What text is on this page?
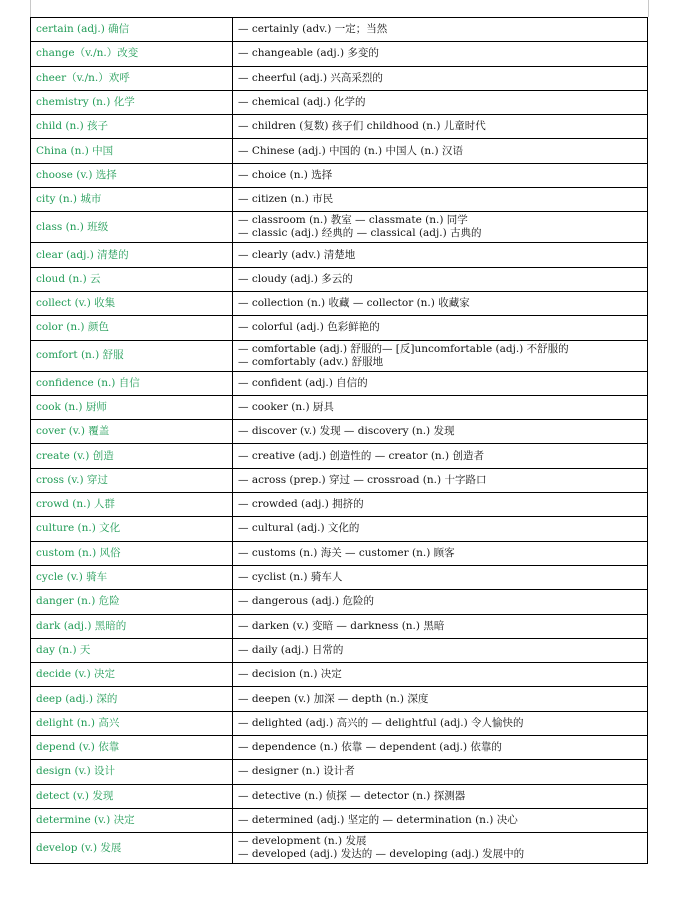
certain (adj.) 确信	— certainly (adv.) 一定；当然

change（v./n.）改变	— changeable (adj.) 多变的

cheer（v./n.）欢呼	— cheerful (adj.) 兴高采烈的

chemistry (n.) 化学	— chemical (adj.) 化学的

child (n.) 孩子	— children (复数) 孩子们 childhood (n.) 儿童时代

China (n.) 中国	— Chinese (adj.) 中国的 (n.) 中国人 (n.) 汉语

choose (v.) 选择	— choice (n.) 选择

city (n.) 城市	— citizen (n.) 市民

class (n.) 班级	— classroom (n.) 教室 — classmate (n.) 同学
— classic (adj.) 经典的 — classical (adj.) 古典的

clear (adj.) 清楚的	— clearly (adv.) 清楚地

cloud (n.) 云	— cloudy (adj.) 多云的

collect (v.) 收集	— collection (n.) 收藏 — collector (n.) 收藏家

color (n.) 颜色	— colorful (adj.) 色彩鲜艳的

comfort (n.) 舒服	— comfortable (adj.) 舒服的— [反]uncomfortable (adj.) 不舒服的
— comfortably (adv.) 舒服地

confidence (n.) 自信	— confident (adj.) 自信的

cook (n.) 厨师	— cooker (n.) 厨具

cover (v.) 覆盖	— discover (v.) 发现 — discovery (n.) 发现

create (v.) 创造	— creative (adj.) 创造性的 — creator (n.) 创造者

cross (v.) 穿过	— across (prep.) 穿过 — crossroad (n.) 十字路口

crowd (n.) 人群	— crowded (adj.) 拥挤的

culture (n.) 文化	— cultural (adj.) 文化的

custom (n.) 风俗	— customs (n.) 海关 — customer (n.) 顾客

cycle (v.) 骑车	— cyclist (n.) 骑车人

danger (n.) 危险	— dangerous (adj.) 危险的

dark (adj.) 黑暗的	— darken (v.) 变暗 — darkness (n.) 黑暗

day (n.) 天	— daily (adj.) 日常的

decide (v.) 决定	— decision (n.) 决定

deep (adj.) 深的	— deepen (v.) 加深 — depth (n.) 深度

delight (n.) 高兴	— delighted (adj.) 高兴的 — delightful (adj.) 令人愉快的

depend (v.) 依靠	— dependence (n.) 依靠 — dependent (adj.) 依靠的

design (v.) 设计	— designer (n.) 设计者

detect (v.) 发现	— detective (n.) 侦探 — detector (n.) 探测器

determine (v.) 决定	— determined (adj.) 坚定的 — determination (n.) 决心

develop (v.) 发展	— development (n.) 发展
— developed (adj.) 发达的 — developing (adj.) 发展中的
